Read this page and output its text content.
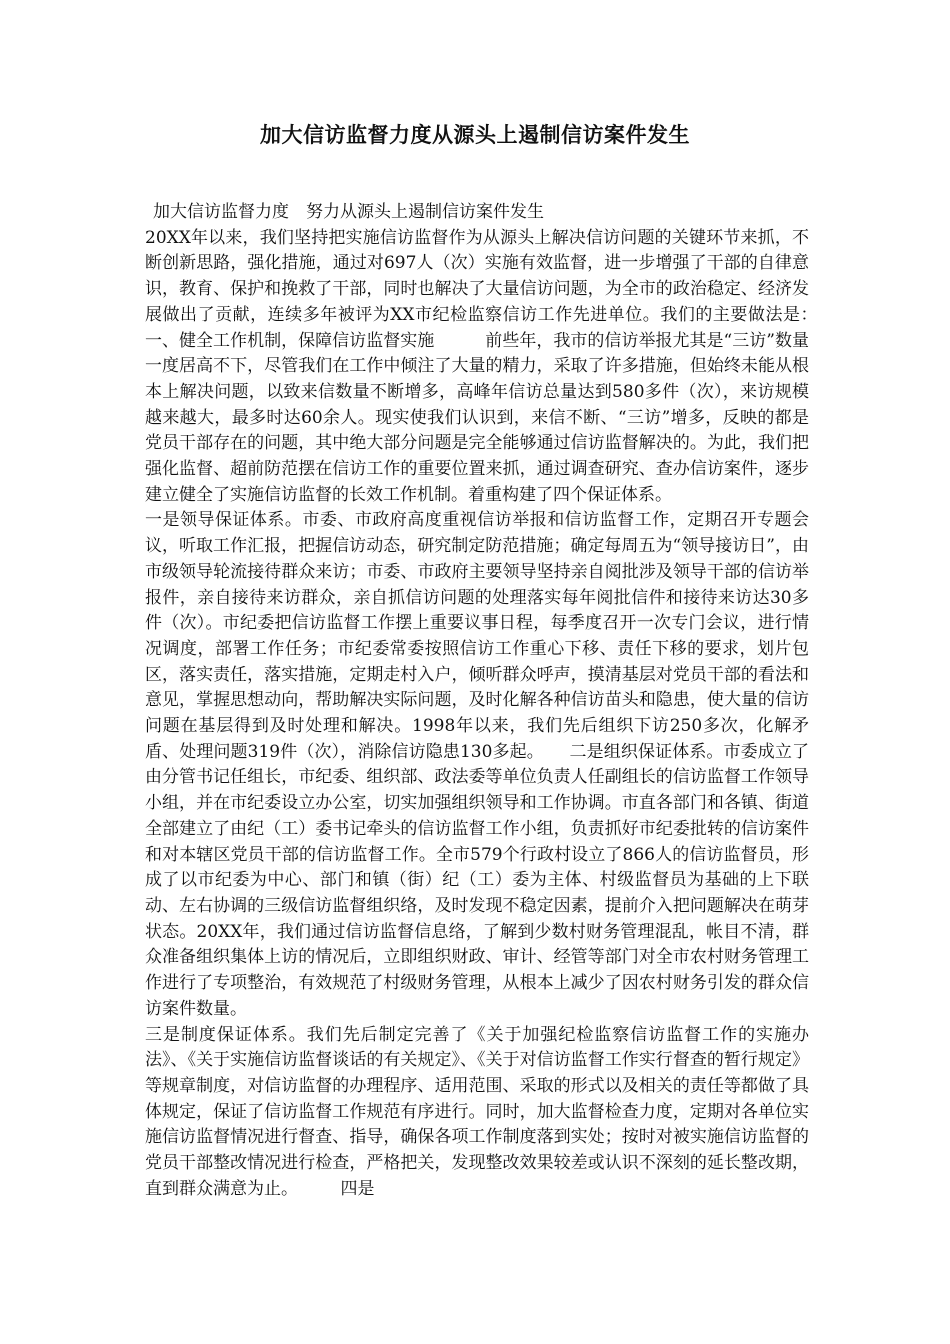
加大信访监督力度从源头上遏制信访案件发生

加大信访监督力度　努力从源头上遏制信访案件发生

20XX年以来，我们坚持把实施信访监督作为从源头上解决信访问题的关键环节来抓，不断创新思路，强化措施，通过对697人（次）实施有效监督，进一步增强了干部的自律意识，教育、保护和挽救了干部，同时也解决了大量信访问题，为全市的政治稳定、经济发展做出了贡献，连续多年被评为XX市纪检监察信访工作先进单位。我们的主要做法是：　　　　一、健全工作机制，保障信访监督实施　　　前些年，我市的信访举报尤其是“三访”数量一度居高不下，尽管我们在工作中倾注了大量的精力，采取了许多措施，但始终未能从根本上解决问题，以致来信数量不断增多，高峰年信访总量达到580多件（次），来访规模越来越大，最多时达60余人。现实使我们认识到，来信不断、“三访”增多，反映的都是党员干部存在的问题，其中绝大部分问题是完全能够通过信访监督解决的。为此，我们把强化监督、超前防范摆在信访工作的重要位置来抓，通过调查研究、查办信访案件，逐步建立健全了实施信访监督的长效工作机制。着重构建了四个保证体系。

一是领导保证体系。市委、市政府高度重视信访举报和信访监督工作，定期召开专题会议，听取工作汇报，把握信访动态，研究制定防范措施；确定每周五为“领导接访日”，由市级领导轮流接待群众来访；市委、市政府主要领导坚持亲自阅批涉及领导干部的信访举报件，亲自接待来访群众，亲自抓信访问题的处理落实每年阅批信件和接待来访达30多件（次）。市纪委把信访监督工作摆上重要议事日程，每季度召开一次专门会议，进行情况调度，部署工作任务；市纪委常委按照信访工作重心下移、责任下移的要求，划片包区，落实责任，落实措施，定期走村入户，倾听群众呼声，摸清基层对党员干部的看法和意见，掌握思想动向，帮助解决实际问题，及时化解各种信访苗头和隐患，使大量的信访问题在基层得到及时处理和解决。1998年以来，我们先后组织下访250多次，化解矛盾、处理问题319件（次），消除信访隐患130多起。　　二是组织保证体系。市委成立了由分管书记任组长，市纪委、组织部、政法委等单位负责人任副组长的信访监督工作领导小组，并在市纪委设立办公室，切实加强组织领导和工作协调。市直各部门和各镇、街道全部建立了由纪（工）委书记牵头的信访监督工作小组，负责抓好市纪委批转的信访案件和对本辖区党员干部的信访监督工作。全市579个行政村设立了866人的信访监督员，形成了以市纪委为中心、部门和镇（街）纪（工）委为主体、村级监督员为基础的上下联动、左右协调的三级信访监督组织络，及时发现不稳定因素，提前介入把问题解决在萌芽状态。20XX年，我们通过信访监督信息络，了解到少数村财务管理混乱，帐目不清，群众准备组织集体上访的情况后，立即组织财政、审计、经管等部门对全市农村财务管理工作进行了专项整治，有效规范了村级财务管理，从根本上减少了因农村财务引发的群众信访案件数量。

三是制度保证体系。我们先后制定完善了《关于加强纪检监察信访监督工作的实施办法》、《关于实施信访监督谈话的有关规定》、《关于对信访监督工作实行督查的暂行规定》等规章制度，对信访监督的办理程序、适用范围、采取的形式以及相关的责任等都做了具体规定，保证了信访监督工作规范有序进行。同时，加大监督检查力度，定期对各单位实施信访监督情况进行督查、指导，确保各项工作制度落到实处；按时对被实施信访监督的党员干部整改情况进行检查，严格把关，发现整改效果较差或认识不深刻的延长整改期，直到群众满意为止。　　　四是
